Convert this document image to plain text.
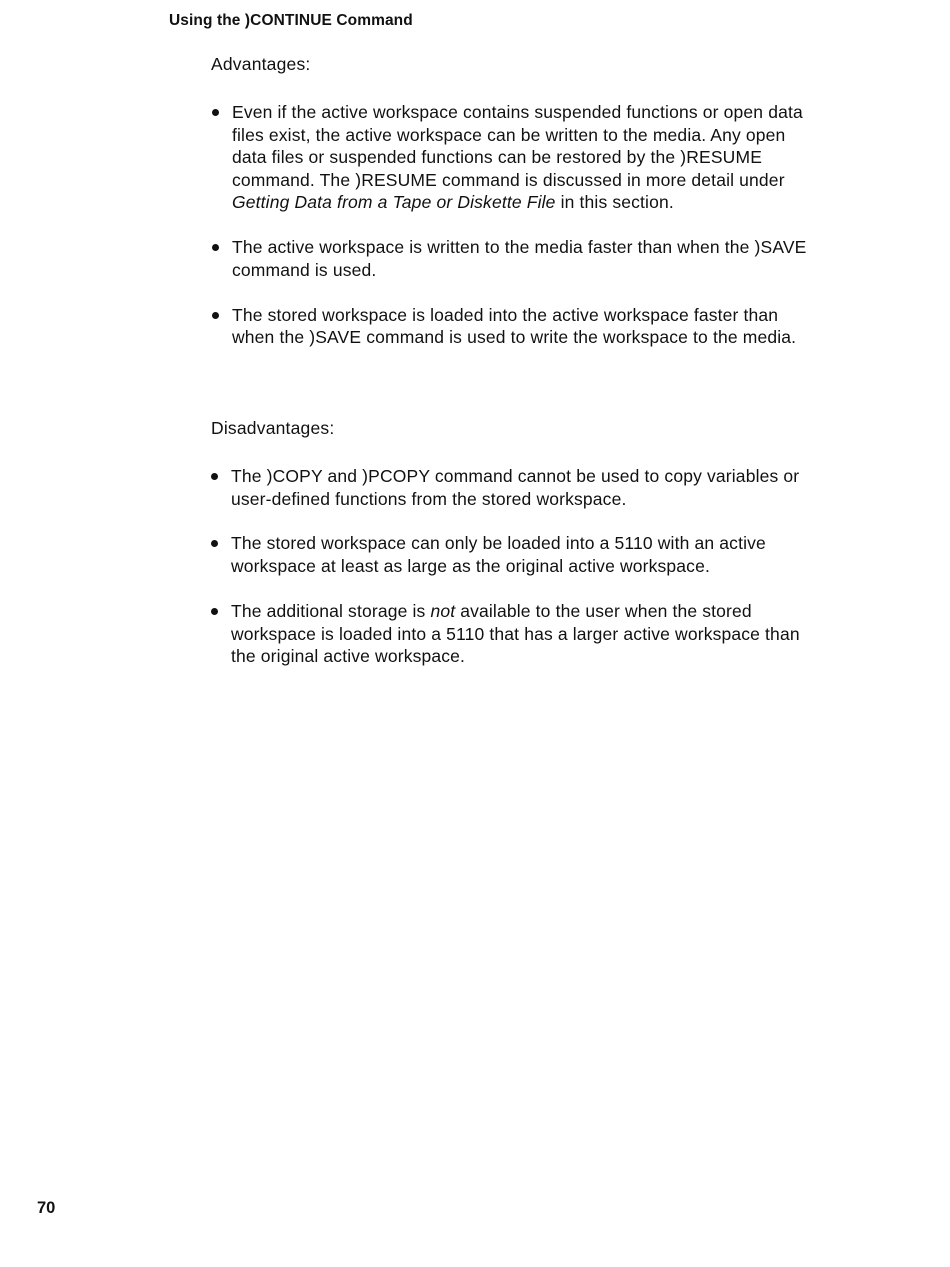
Using the )CONTINUE Command
Advantages:
Even if the active workspace contains suspended functions or open data files exist, the active workspace can be written to the media. Any open data files or suspended functions can be restored by the )RESUME command. The )RESUME command is discussed in more detail under Getting Data from a Tape or Diskette File in this section.
The active workspace is written to the media faster than when the )SAVE command is used.
The stored workspace is loaded into the active workspace faster than when the )SAVE command is used to write the workspace to the media.
Disadvantages:
The )COPY and )PCOPY command cannot be used to copy variables or user-defined functions from the stored workspace.
The stored workspace can only be loaded into a 5110 with an active workspace at least as large as the original active workspace.
The additional storage is not available to the user when the stored workspace is loaded into a 5110 that has a larger active workspace than the original active workspace.
70
